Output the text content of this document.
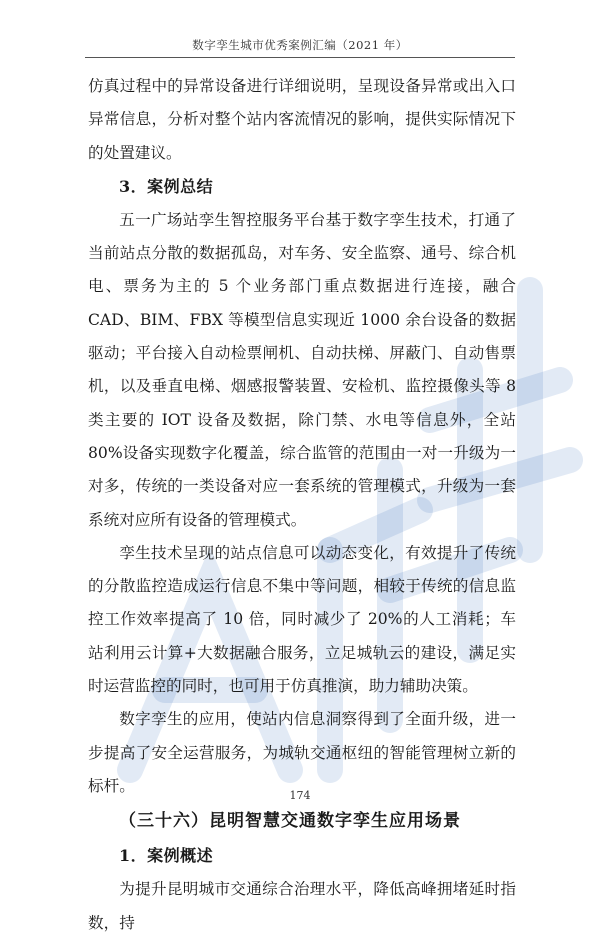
数字孪生城市优秀案例汇编（2021 年）

仿真过程中的异常设备进行详细说明，呈现设备异常或出入口异常信息，分析对整个站内客流情况的影响，提供实际情况下的处置建议。

3．案例总结

五一广场站孪生智控服务平台基于数字孪生技术，打通了当前站点分散的数据孤岛，对车务、安全监察、通号、综合机电、票务为主的 5 个业务部门重点数据进行连接，融合 CAD、BIM、FBX 等模型信息实现近 1000 余台设备的数据驱动；平台接入自动检票闸机、自动扶梯、屏蔽门、自动售票机，以及垂直电梯、烟感报警装置、安检机、监控摄像头等 8 类主要的 IOT 设备及数据，除门禁、水电等信息外，全站 80%设备实现数字化覆盖，综合监管的范围由一对一升级为一对多，传统的一类设备对应一套系统的管理模式，升级为一套系统对应所有设备的管理模式。

孪生技术呈现的站点信息可以动态变化，有效提升了传统的分散监控造成运行信息不集中等问题，相较于传统的信息监控工作效率提高了 10 倍，同时减少了 20%的人工消耗；车站利用云计算+大数据融合服务，立足城轨云的建设，满足实时运营监控的同时，也可用于仿真推演，助力辅助决策。

数字孪生的应用，使站内信息洞察得到了全面升级，进一步提高了安全运营服务，为城轨交通枢纽的智能管理树立新的标杆。

（三十六）昆明智慧交通数字孪生应用场景
1．案例概述

为提升昆明城市交通综合治理水平，降低高峰拥堵延时指数，持

174
